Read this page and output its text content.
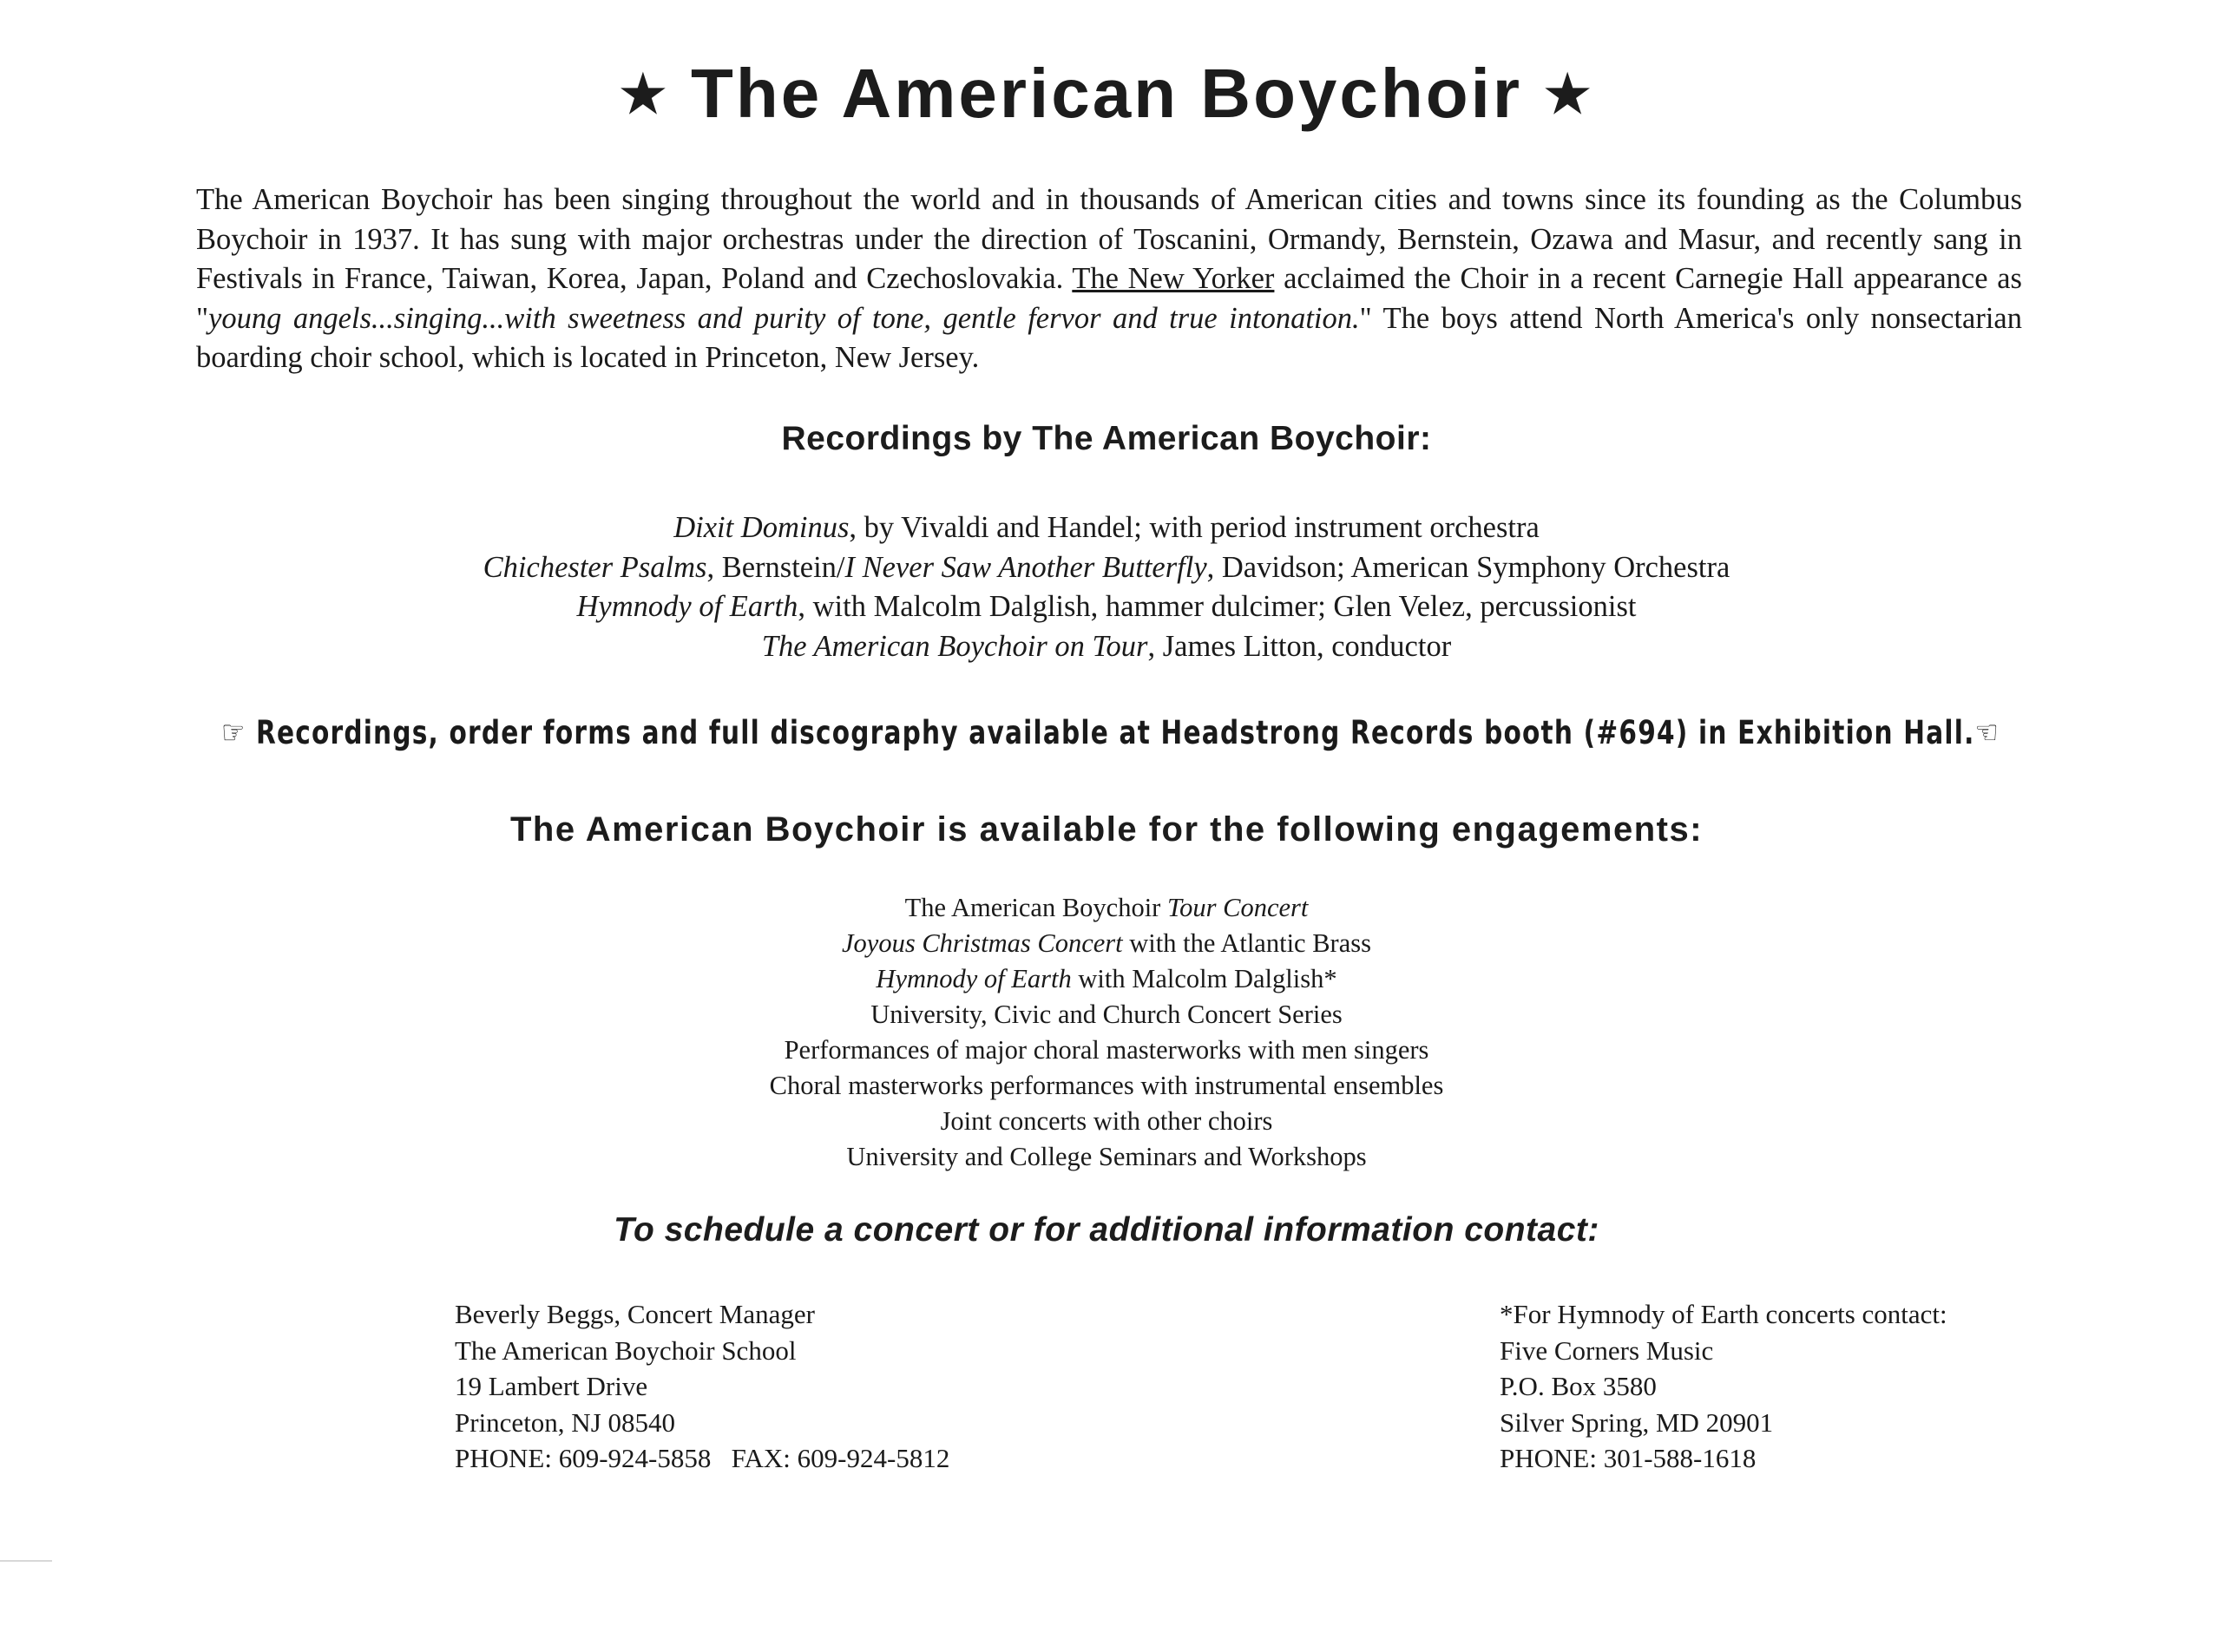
★ The American Boychoir ★
The American Boychoir has been singing throughout the world and in thousands of American cities and towns since its founding as the Columbus Boychoir in 1937. It has sung with major orchestras under the direction of Toscanini, Ormandy, Bernstein, Ozawa and Masur, and recently sang in Festivals in France, Taiwan, Korea, Japan, Poland and Czechoslovakia. The New Yorker acclaimed the Choir in a recent Carnegie Hall appearance as "young angels...singing...with sweetness and purity of tone, gentle fervor and true intonation." The boys attend North America's only nonsectarian boarding choir school, which is located in Princeton, New Jersey.
Recordings by The American Boychoir:
Dixit Dominus, by Vivaldi and Handel; with period instrument orchestra
Chichester Psalms, Bernstein/I Never Saw Another Butterfly, Davidson; American Symphony Orchestra
Hymnody of Earth, with Malcolm Dalglish, hammer dulcimer; Glen Velez, percussionist
The American Boychoir on Tour, James Litton, conductor
☞ Recordings, order forms and full discography available at Headstrong Records booth (#694) in Exhibition Hall.☜
The American Boychoir is available for the following engagements:
The American Boychoir Tour Concert
Joyous Christmas Concert with the Atlantic Brass
Hymnody of Earth with Malcolm Dalglish*
University, Civic and Church Concert Series
Performances of major choral masterworks with men singers
Choral masterworks performances with instrumental ensembles
Joint concerts with other choirs
University and College Seminars and Workshops
To schedule a concert or for additional information contact:
Beverly Beggs, Concert Manager
The American Boychoir School
19 Lambert Drive
Princeton, NJ 08540
PHONE: 609-924-5858   FAX: 609-924-5812
*For Hymnody of Earth concerts contact:
Five Corners Music
P.O. Box 3580
Silver Spring, MD 20901
PHONE: 301-588-1618
